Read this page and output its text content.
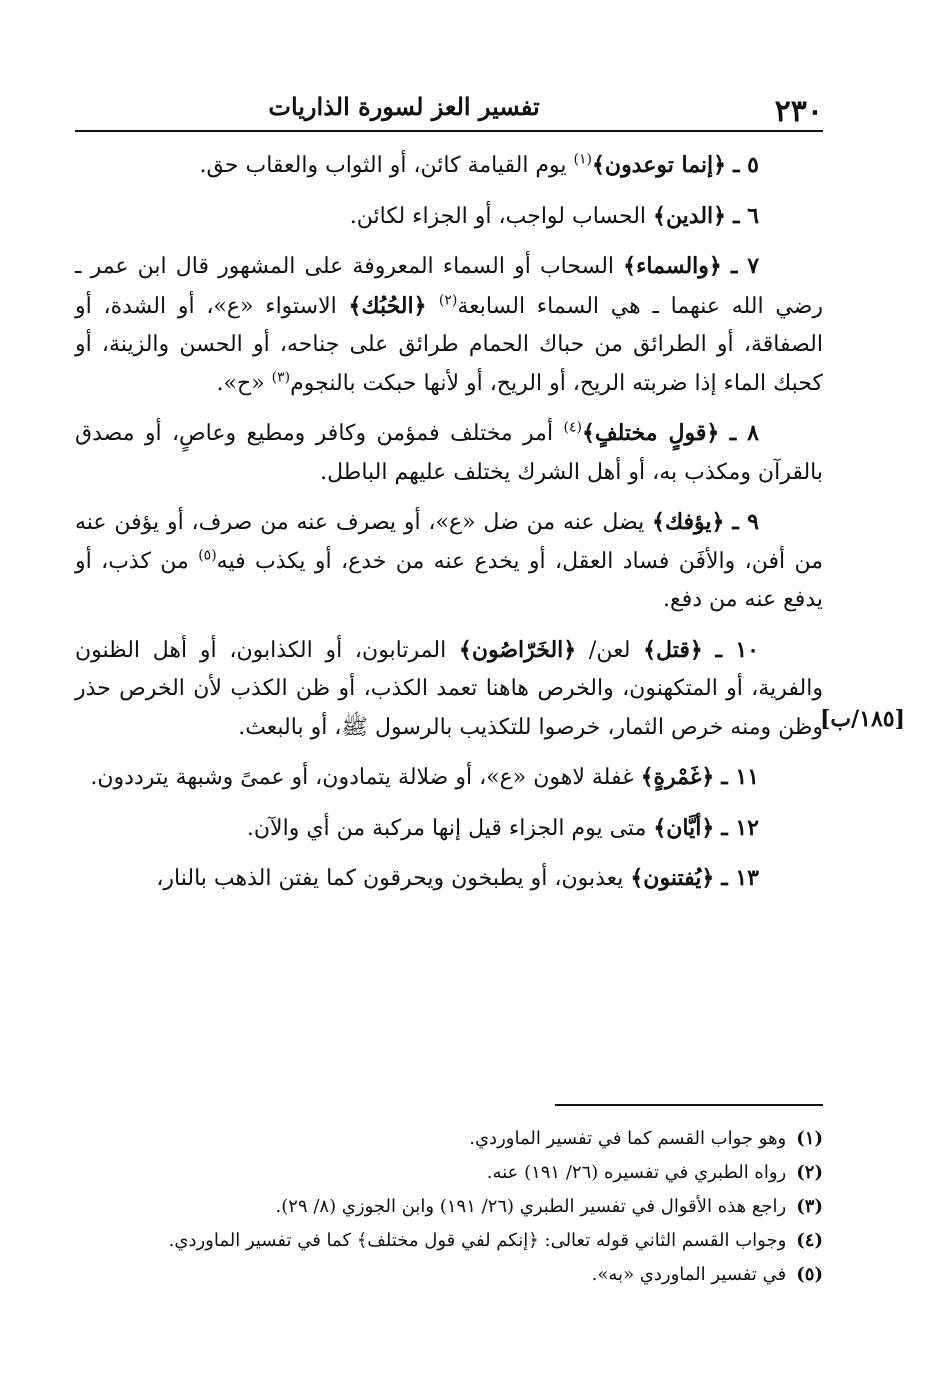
٢٣٠
تفسير العز لسورة الذاريات
[١٨٥/ب]

٥ ـ ﴿إنما توعدون﴾$^{(١)}$ يوم القيامة كائن، أو الثواب والعقاب حق.

٦ ـ ﴿الدين﴾ الحساب لواجب، أو الجزاء لكائن.

٧ ـ ﴿والسماء﴾ السحاب أو السماء المعروفة على المشهور قال ابن عمر ـ رضي الله عنهما ـ هي السماء السابعة$^{(٢)}$ ﴿الحُبُك﴾ الاستواء «ع»، أو الشدة، أو الصفاقة، أو الطرائق من حباك الحمام طرائق على جناحه، أو الحسن والزينة، أو كحبك الماء إذا ضربته الريح، أو الريح، أو لأنها حبكت بالنجوم$^{(٣)}$ «ح».

٨ ـ ﴿قولٍ مختلفٍ﴾$^{(٤)}$ أمر مختلف فمؤمن وكافر ومطيع وعاصٍ، أو مصدق بالقرآن ومكذب به، أو أهل الشرك يختلف عليهم الباطل.

٩ ـ ﴿يؤفك﴾ يضل عنه من ضل «ع»، أو يصرف عنه من صرف، أو يؤفن عنه من أفن، والأفَن فساد العقل، أو يخدع عنه من خدع، أو يكذب فيه$^{(٥)}$ من كذب، أو يدفع عنه من دفع.

١٠ ـ ﴿قتل﴾ لعن/ ﴿الخَرّاصُون﴾ المرتابون، أو الكذابون، أو أهل الظنون والفرية، أو المتكهنون، والخرص هاهنا تعمد الكذب، أو ظن الكذب لأن الخرص حذر وظن ومنه خرص الثمار، خرصوا للتكذيب بالرسول ﷺ، أو بالبعث.

١١ ـ ﴿غَمْرةٍ﴾ غفلة لاهون «ع»، أو ضلالة يتمادون، أو عمىً وشبهة يترددون.

١٢ ـ ﴿أيَّان﴾ متى يوم الجزاء قيل إنها مركبة من أي والآن.

١٣ ـ ﴿يُفتنون﴾ يعذبون، أو يطبخون ويحرقون كما يفتن الذهب بالنار،

(١)وهو جواب القسم كما في تفسير الماوردي.
(٢)رواه الطبري في تفسيره (٢٦/ ١٩١) عنه.
(٣)راجع هذه الأقوال في تفسير الطبري (٢٦/ ١٩١) وابن الجوزي (٨/ ٢٩).
(٤)وجواب القسم الثاني قوله تعالى: ﴿إنكم لفي قول مختلف﴾ كما في تفسير الماوردي.
(٥)في تفسير الماوردي «به».
